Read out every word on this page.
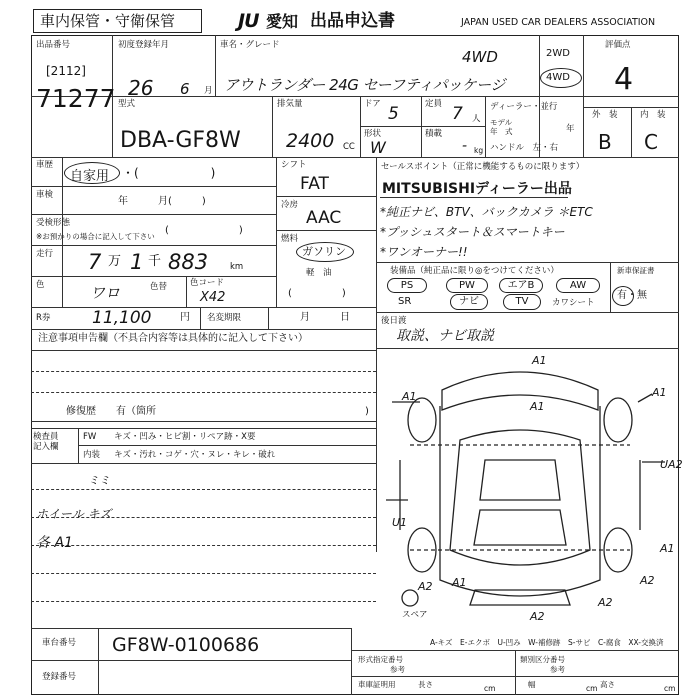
車内保管・守衛保管	JU 愛知 出品申込書	JAPAN USED CAR DEALERS ASSOCIATION
出品番号
[2112]
71277
初度登録年月
26 6 月
車名・グレード
4WD
アウトランダー 24G セーフティパッケージ
2WD
4WD
評価点
4
型式
DBA-GF8W
排気量
2400 CC
ドア 5	定員 7 人
形状
W
積載
- kg
ディーラー・並行
モデル
年　式	年
ハンドル　左・右
外　装	内　装
B C
車歴
自家用 ・(　　　　　　)
車検
年　　　月(　　　)
受検形態
※お預かりの場合に記入して下さい
(　　　　　　　)
走行 7 万 1 千 883	km
色	ワロ	色替	色コード
X42
シフト
FAT
冷房
AAC
燃料
ガソリン
軽　油
(　　　　　)
セールスポイント（正常に機能するものに限ります）
MITSUBISHIディーラー出品
*純正ナビ、BTV、バックカメラ ＊ETC
*プッシュスタート＆スマートキー
*ワンオーナー!!
装備品（純正品に限り◎をつけてください）
PS	PW	エアB	AW
SR	ナビ	TV	カワシート
新車保証書
有・無
R券 11,100	円 名変期限	月　　　日	後日渡
取説、ナビ取説
注意事項申告欄（不具合内容等は具体的に記入して下さい）
修復歴　　有（箇所	)
検査員
記入欄
FW キズ・凹み・ヒビ割・リペア跡・X要
内装 キズ・汚れ・コゲ・穴・ヌレ・キレ・破れ
ミミ
ホイール キズ
各 A1
A1
A1
A1	A1
UA2
U1
A1
A2 A1	A2
A2
A2
スペア
A-キズ　E-エクボ　U-凹み　W-補修跡　S-サビ　C-腐食　XX-交換済
車台番号 GF8W-0100686
登録番号
形式指定番号	類別区分番号
参考	参考
車庫証明用	長さ	cm	幅	cm 高さ	cm
